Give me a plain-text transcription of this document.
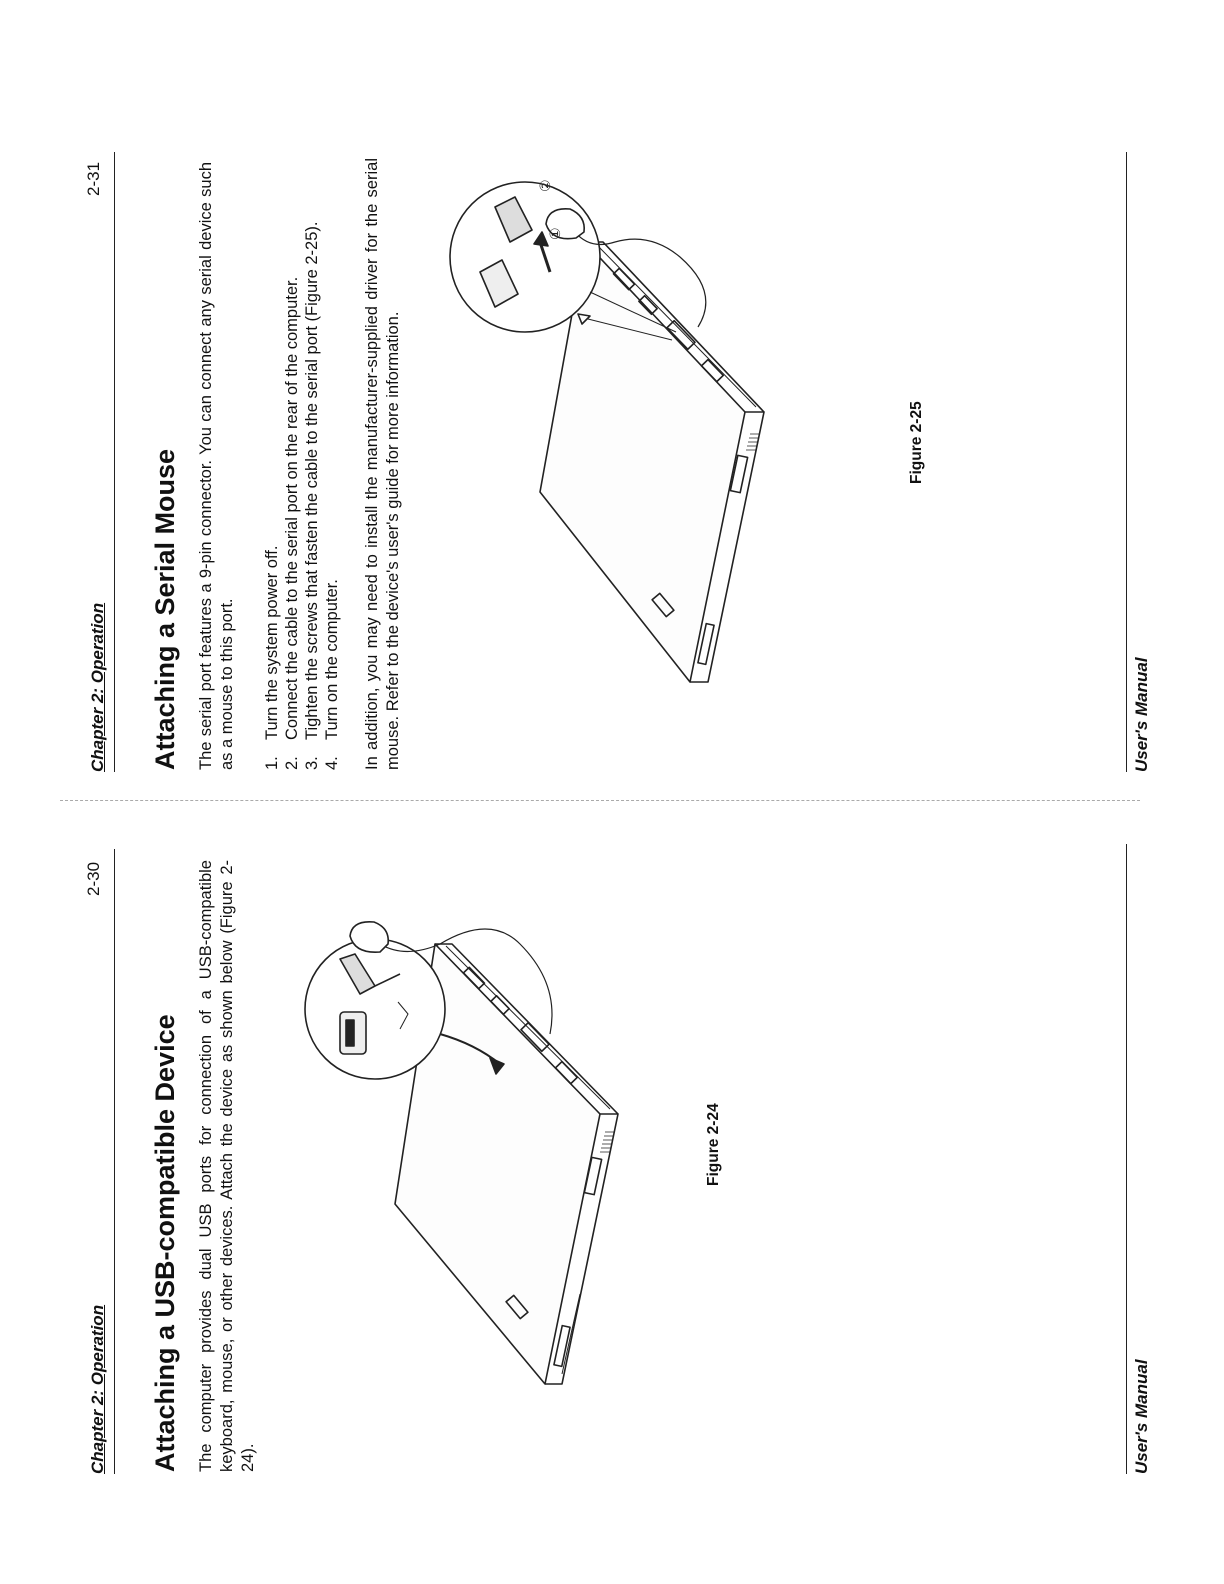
Chapter 2: Operation
2-30
Attaching a USB-compatible Device The computer provides dual USB ports for connection of a USB-compatible keyboard, mouse, or other devices. Attach the device as shown below (Figure 2-24).
Figure 2-24
User's Manual
Chapter 2: Operation
2-31
Attaching a Serial Mouse The serial port features a 9-pin connector. You can connect any serial device such as a mouse to this port. 1.
Turn the system power off.
2.
Connect the cable to the serial port on the rear of the computer.
3.
Tighten the screws that fasten the cable to the serial port (Figure 2-25).
4.
Turn on the computer. In addition, you may need to install the manufacturer-supplied driver for the serial mouse. Refer to the device's user's guide for more information.
①
②
Figure 2-25
User's Manual
